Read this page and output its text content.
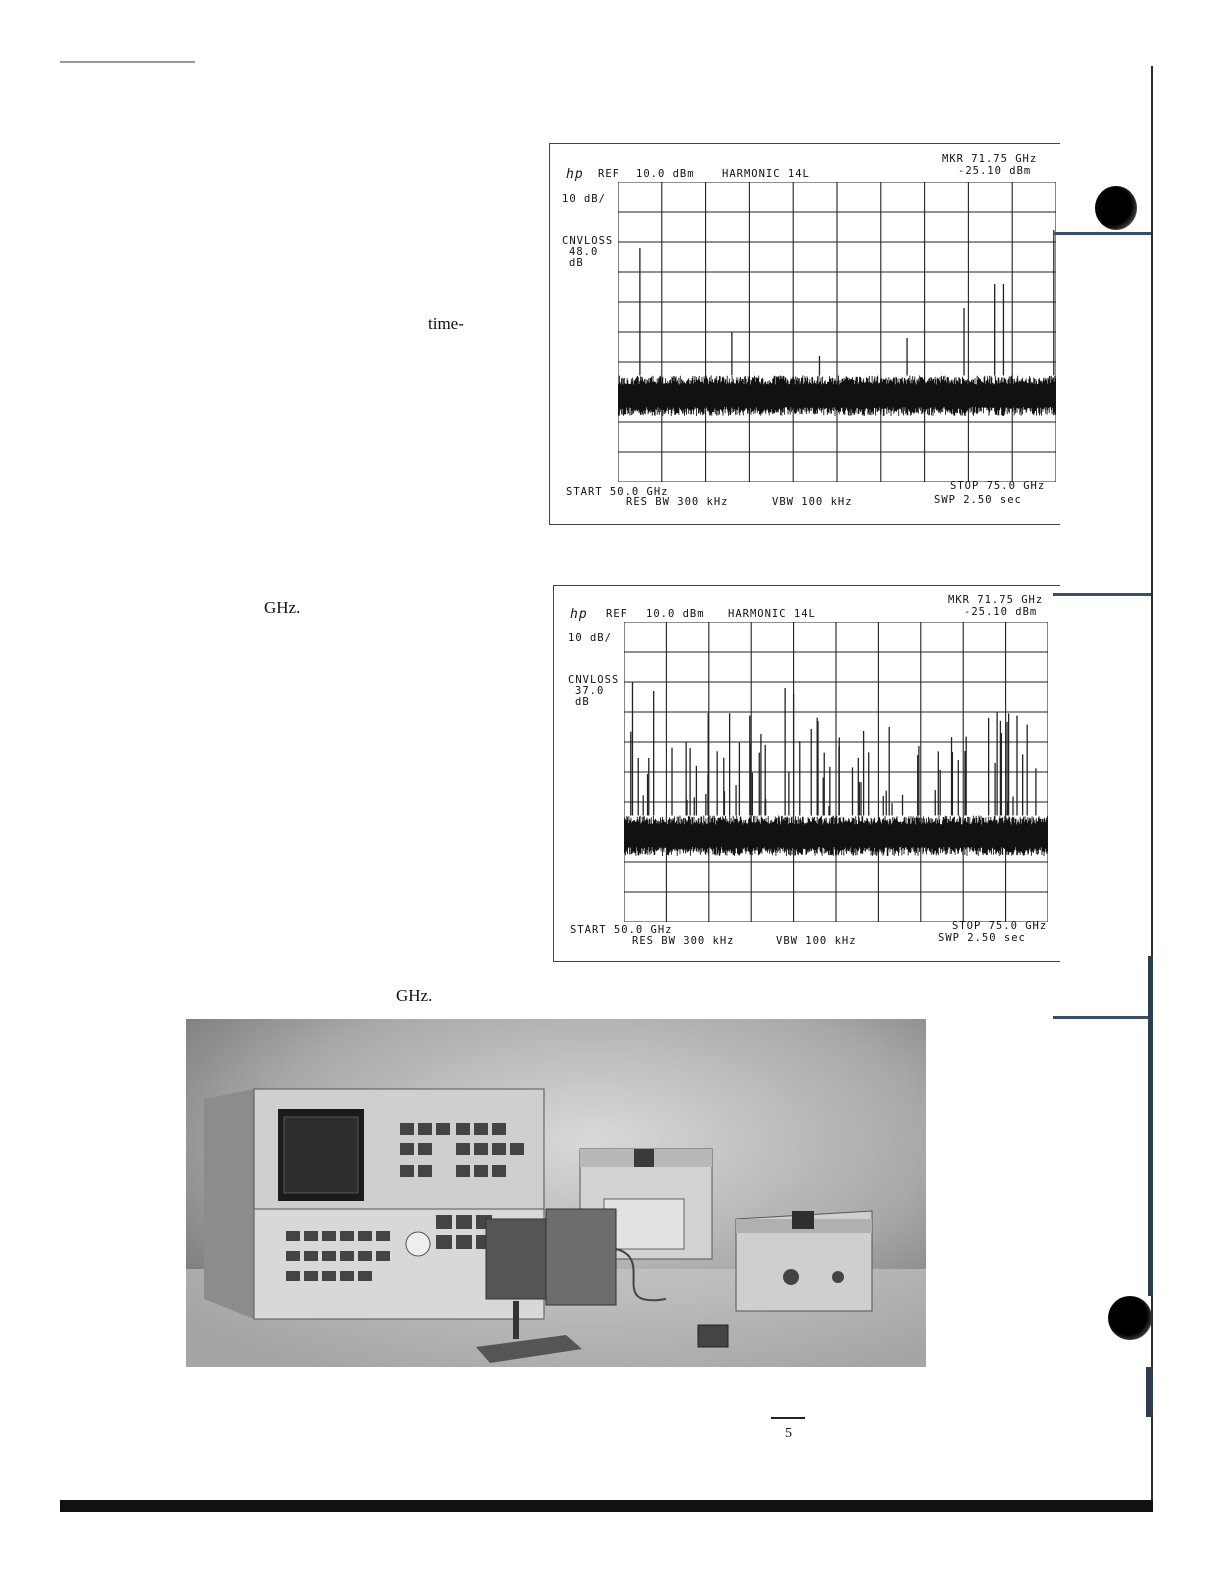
time-
GHz.
GHz.
hp REF 10.0 dBm	HARMONIC 14L
MKR 71.75 GHz
-25.10 dBm
10 dB/
CNVLOSS
48.0
dB
START 50.0 GHz	STOP 75.0 GHz
RES BW 300 kHz	VBW 100 kHz	SWP 2.50 sec
hp REF 10.0 dBm HARMONIC 14L
MKR 71.75 GHz
-25.10 dBm
10 dB/
CNVLOSS
37.0
dB
START 50.0 GHz	STOP 75.0 GHz
RES BW 300 kHz	VBW 100 kHz	SWP 2.50 sec
5
